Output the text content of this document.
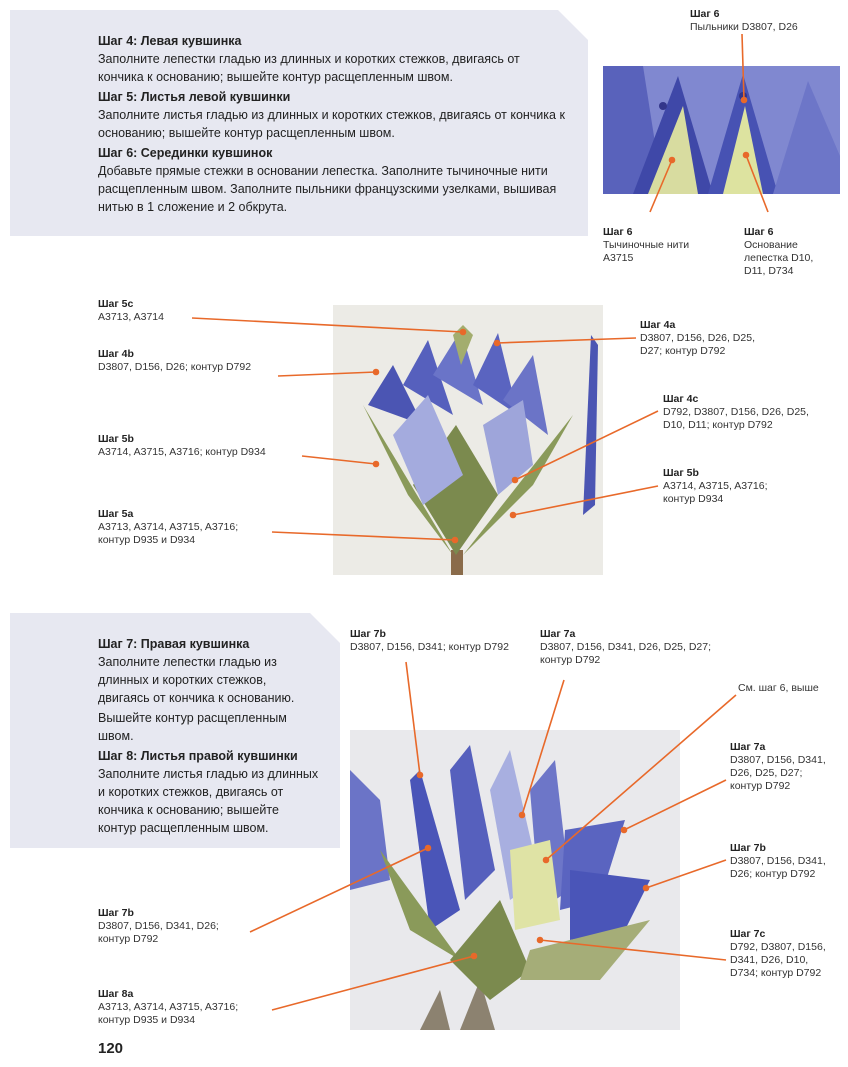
Шаг 4: Левая кувшинка

Заполните лепестки гладью из длинных и коротких стежков, двигаясь от кончика к основанию; вышейте контур расщепленным швом.

Шаг 5: Листья левой кувшинки

Заполните листья гладью из длинных и коротких стежков, двигаясь от кончика к основанию; вышейте контур расщепленным швом.

Шаг 6: Серединки кувшинок

Добавьте прямые стежки в основании лепестка. Заполните тычиночные нити расщепленным швом. Заполните пыльники французскими узелками, вышивая нитью в 1 сложение и 2 обкрута.

Шаг 6
Пыльники D3807, D26
Шаг 6
Тычиночные нити A3715
Шаг 6
Основание лепестка D10, D11, D734
Шаг 5c
A3713, A3714
Шаг 4b
D3807, D156, D26; контур D792
Шаг 5b
A3714, A3715, A3716; контур D934
Шаг 5a
A3713, A3714, A3715, A3716; контур D935 и D934
Шаг 4a
D3807, D156, D26, D25, D27; контур D792
Шаг 4c
D792, D3807, D156, D26, D25, D10, D11; контур D792
Шаг 5b
A3714, A3715, A3716; контур D934
Шаг 7: Правая кувшинка

Заполните лепестки гладью из длинных и коротких стежков, двигаясь от кончика к основанию.

Вышейте контур расщепленным швом.

Шаг 8: Листья правой кувшинки

Заполните листья гладью из длинных и коротких стежков, двигаясь от кончика к основанию; вышейте контур расщепленным швом.

Шаг 7b
D3807, D156, D341; контур D792
Шаг 7a
D3807, D156, D341, D26, D25, D27; контур D792
См. шаг 6, выше
Шаг 7a
D3807, D156, D341, D26, D25, D27; контур D792
Шаг 7b
D3807, D156, D341, D26; контур D792
Шаг 7c
D792, D3807, D156, D341, D26, D10, D734; контур D792
Шаг 7b
D3807, D156, D341, D26; контур D792
Шаг 8a
A3713, A3714, A3715, A3716; контур D935 и D934
120
